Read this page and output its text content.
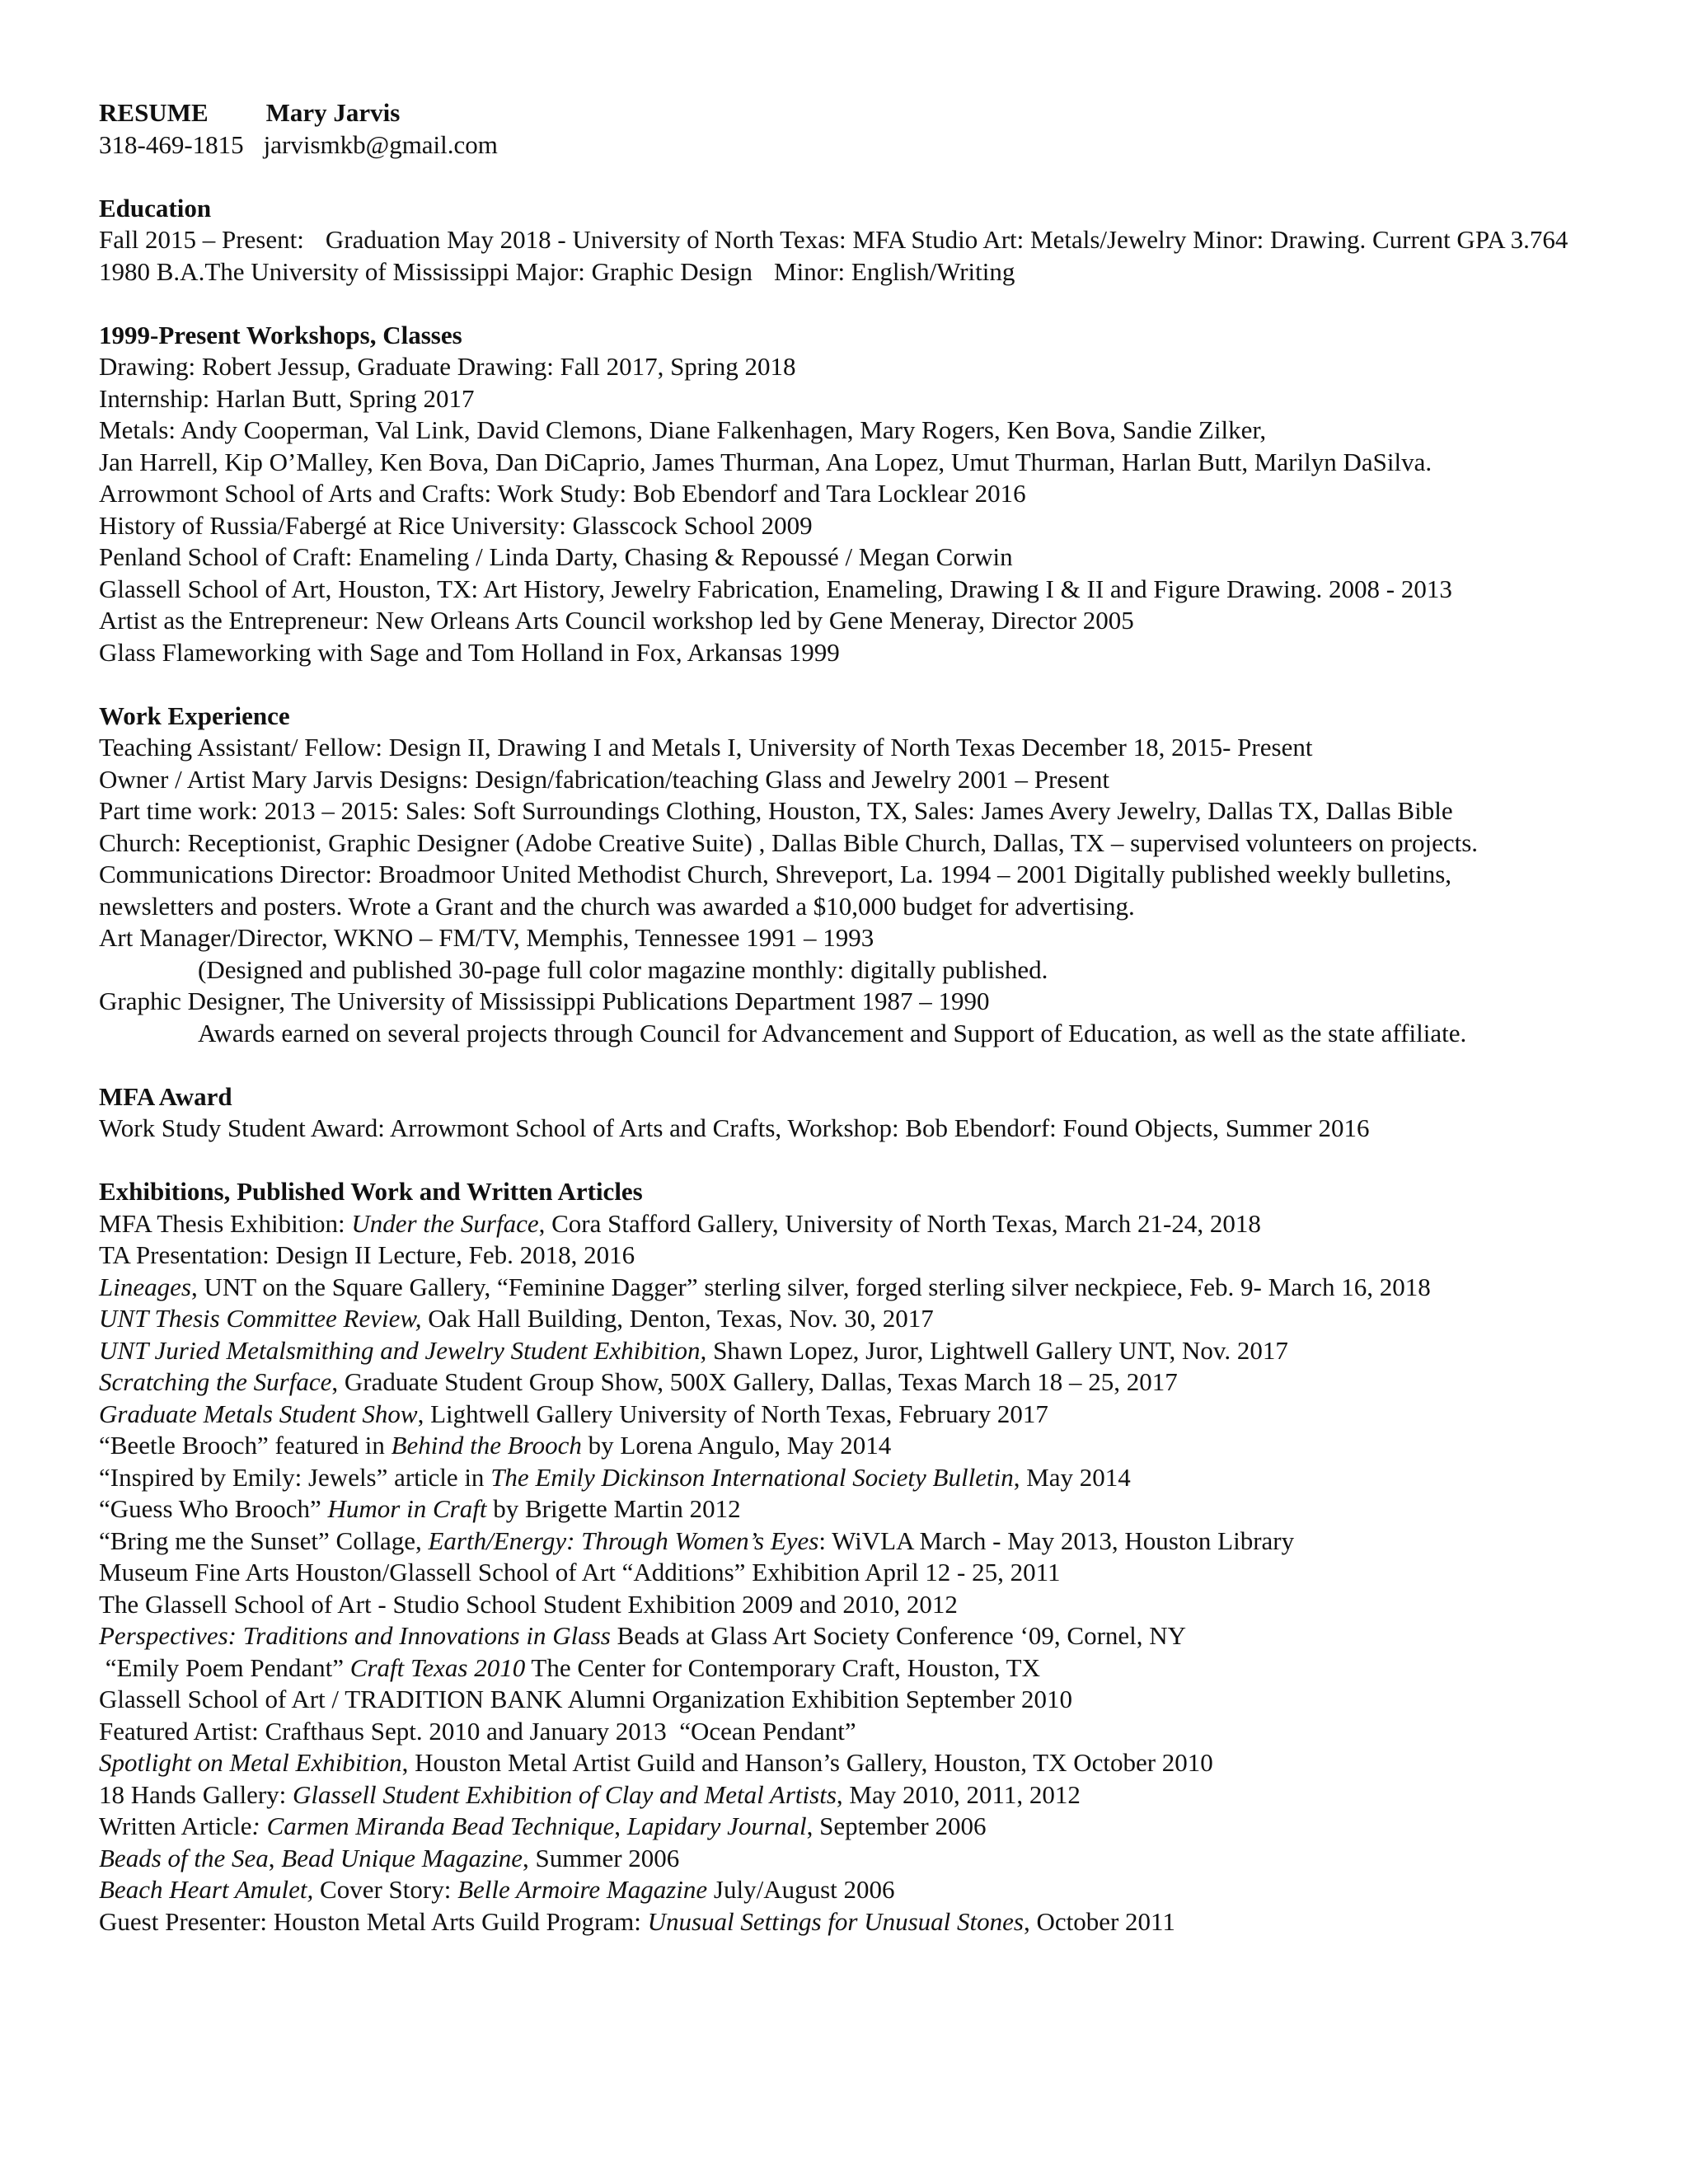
RESUME Mary Jarvis
318-469-1815 jarvismkb@gmail.com
Education
Fall 2015 – Present: Graduation May 2018 - University of North Texas: MFA Studio Art: Metals/Jewelry Minor: Drawing. Current GPA 3.764
1980 B.A.The University of Mississippi Major: Graphic Design Minor: English/Writing
1999-Present Workshops, Classes
Drawing: Robert Jessup, Graduate Drawing: Fall 2017, Spring 2018
Internship: Harlan Butt, Spring 2017
Metals: Andy Cooperman, Val Link, David Clemons, Diane Falkenhagen, Mary Rogers, Ken Bova, Sandie Zilker,
Jan Harrell, Kip O’Malley, Ken Bova, Dan DiCaprio, James Thurman, Ana Lopez, Umut Thurman, Harlan Butt, Marilyn DaSilva.
Arrowmont School of Arts and Crafts: Work Study: Bob Ebendorf and Tara Locklear 2016
History of Russia/Fabergé at Rice University: Glasscock School 2009
Penland School of Craft: Enameling / Linda Darty, Chasing & Repoussé / Megan Corwin
Glassell School of Art, Houston, TX: Art History, Jewelry Fabrication, Enameling, Drawing I & II and Figure Drawing. 2008 - 2013
Artist as the Entrepreneur: New Orleans Arts Council workshop led by Gene Meneray, Director 2005
Glass Flameworking with Sage and Tom Holland in Fox, Arkansas 1999
Work Experience
Teaching Assistant/ Fellow: Design II, Drawing I and Metals I, University of North Texas December 18, 2015- Present
Owner / Artist Mary Jarvis Designs: Design/fabrication/teaching Glass and Jewelry 2001 – Present
Part time work: 2013 – 2015: Sales: Soft Surroundings Clothing, Houston, TX, Sales: James Avery Jewelry, Dallas TX, Dallas Bible
Church: Receptionist, Graphic Designer (Adobe Creative Suite) , Dallas Bible Church, Dallas, TX – supervised volunteers on projects.
Communications Director: Broadmoor United Methodist Church, Shreveport, La. 1994 – 2001 Digitally published weekly bulletins,
newsletters and posters. Wrote a Grant and the church was awarded a $10,000 budget for advertising.
Art Manager/Director, WKNO – FM/TV, Memphis, Tennessee 1991 – 1993
(Designed and published 30-page full color magazine monthly: digitally published.
Graphic Designer, The University of Mississippi Publications Department 1987 – 1990
Awards earned on several projects through Council for Advancement and Support of Education, as well as the state affiliate.
MFA Award
Work Study Student Award: Arrowmont School of Arts and Crafts, Workshop: Bob Ebendorf: Found Objects, Summer 2016
Exhibitions, Published Work and Written Articles
MFA Thesis Exhibition: Under the Surface, Cora Stafford Gallery, University of North Texas, March 21-24, 2018
TA Presentation: Design II Lecture, Feb. 2018, 2016
Lineages, UNT on the Square Gallery, “Feminine Dagger” sterling silver, forged sterling silver neckpiece, Feb. 9- March 16, 2018
UNT Thesis Committee Review, Oak Hall Building, Denton, Texas, Nov. 30, 2017
UNT Juried Metalsmithing and Jewelry Student Exhibition, Shawn Lopez, Juror, Lightwell Gallery UNT, Nov. 2017
Scratching the Surface, Graduate Student Group Show, 500X Gallery, Dallas, Texas March 18 – 25, 2017
Graduate Metals Student Show, Lightwell Gallery University of North Texas, February 2017
“Beetle Brooch” featured in Behind the Brooch by Lorena Angulo, May 2014
“Inspired by Emily: Jewels” article in The Emily Dickinson International Society Bulletin, May 2014
“Guess Who Brooch” Humor in Craft by Brigette Martin 2012
“Bring me the Sunset” Collage, Earth/Energy: Through Women’s Eyes: WiVLA March - May 2013, Houston Library
Museum Fine Arts Houston/Glassell School of Art “Additions” Exhibition April 12 - 25, 2011
The Glassell School of Art - Studio School Student Exhibition 2009 and 2010, 2012
Perspectives: Traditions and Innovations in Glass Beads at Glass Art Society Conference ‘09, Cornel, NY
“Emily Poem Pendant” Craft Texas 2010 The Center for Contemporary Craft, Houston, TX
Glassell School of Art / TRADITION BANK Alumni Organization Exhibition September 2010
Featured Artist: Crafthaus Sept. 2010 and January 2013  “Ocean Pendant”
Spotlight on Metal Exhibition, Houston Metal Artist Guild and Hanson’s Gallery, Houston, TX October 2010
18 Hands Gallery: Glassell Student Exhibition of Clay and Metal Artists, May 2010, 2011, 2012
Written Article: Carmen Miranda Bead Technique, Lapidary Journal, September 2006
Beads of the Sea, Bead Unique Magazine, Summer 2006
Beach Heart Amulet, Cover Story: Belle Armoire Magazine July/August 2006
Guest Presenter: Houston Metal Arts Guild Program: Unusual Settings for Unusual Stones, October 2011
